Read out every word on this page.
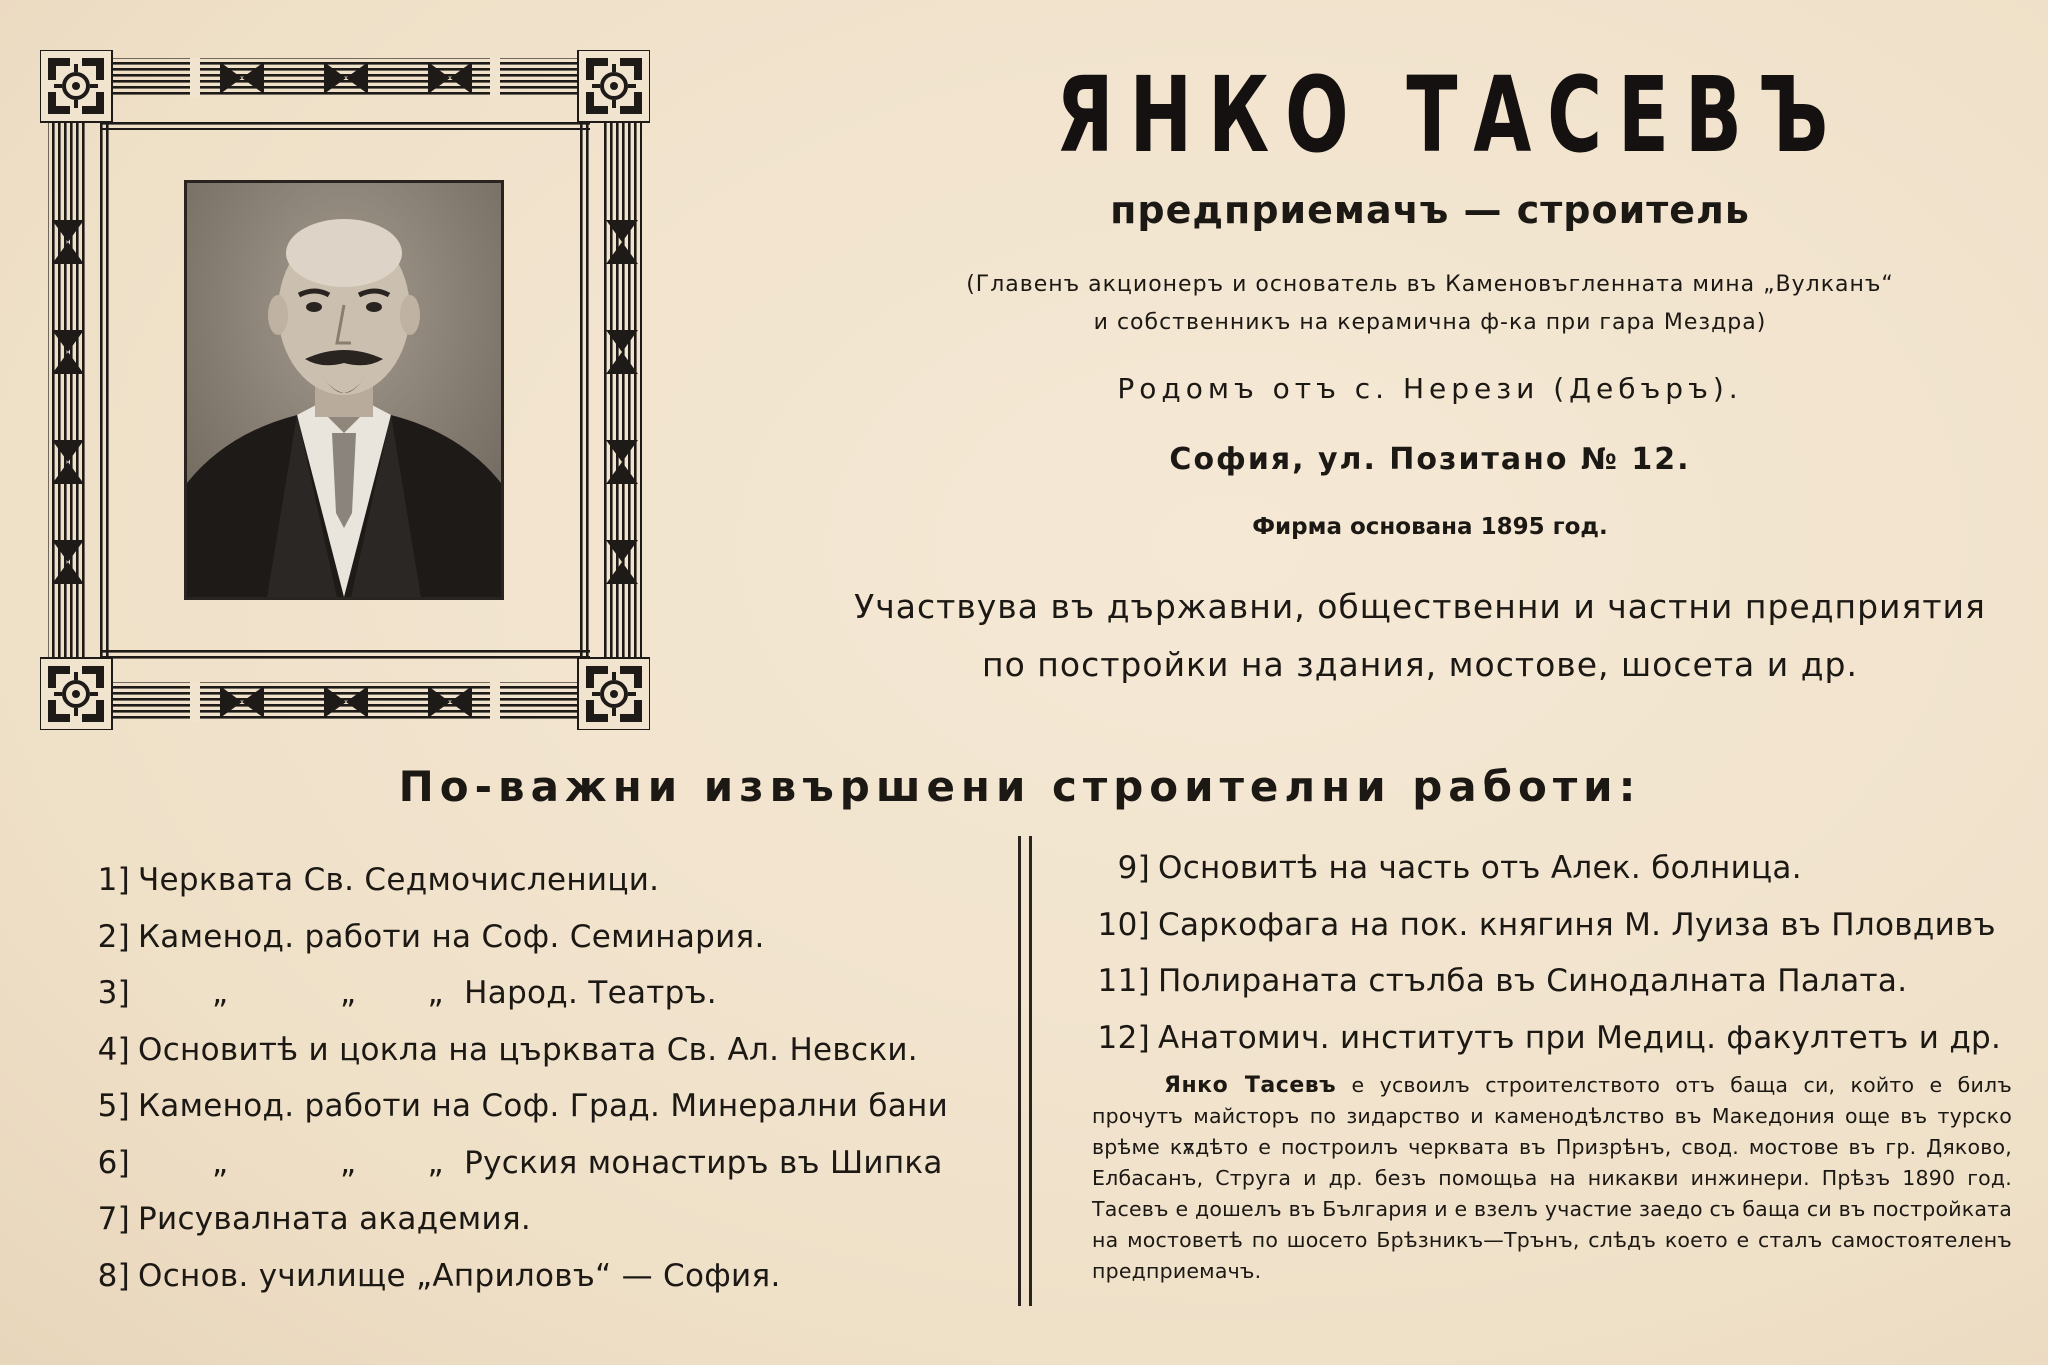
ЯНКО ТАСЕВЪ
предприемачъ — строитель
(Главенъ акционеръ и основатель въ Каменовъгленната мина „Вулканъ“
и собственникъ на керамична ф-ка при гара Мездра)
Родомъ отъ с. Нерези (Дебъръ).
София, ул. Позитано № 12.
Фирма основана 1895 год.
Участвува въ държавни, общественни и частни предприятия
по постройки на здания, мостове, шосета и др.
По-важни извършени строителни работи:
1] Черквата Св. Седмочисленици.
2] Каменод. работи на Соф. Семинария.
3]	„           „       „  Народ. Театръ.
4] Основитѣ и цокла на църквата Св. Ал. Невски.
5] Каменод. работи на Соф. Град. Минерални бани
6]	„           „       „  Руския монастиръ въ Шипка
7] Рисувалната академия.
8] Основ. училище „Априловъ“ — София.
9] Основитѣ на часть отъ Алек. болница.
10] Саркофага на пок. княгиня М. Луиза въ Пловдивъ
11] Полираната стълба въ Синодалната Палата.
12] Анатомич. институтъ при Медиц. факултетъ и др.
Янко Тасевъ е усвоилъ строителството отъ баща си, който е билъ прочутъ майсторъ по зидарство и каменодѣлство въ Македония още въ турско врѣме кѫдѣто е построилъ черквата въ Призрѣнъ, свод. мостове въ гр. Дяково, Елбасанъ, Струга и др. безъ помощьа на никакви инжинери. Прѣзъ 1890 год. Тасевъ е дошелъ въ България и е взелъ участие заедо съ баща си въ постройката на мостоветѣ по шосето Брѣзникъ—Трънъ, слѣдъ което е сталъ самостоятеленъ предприемачъ.
